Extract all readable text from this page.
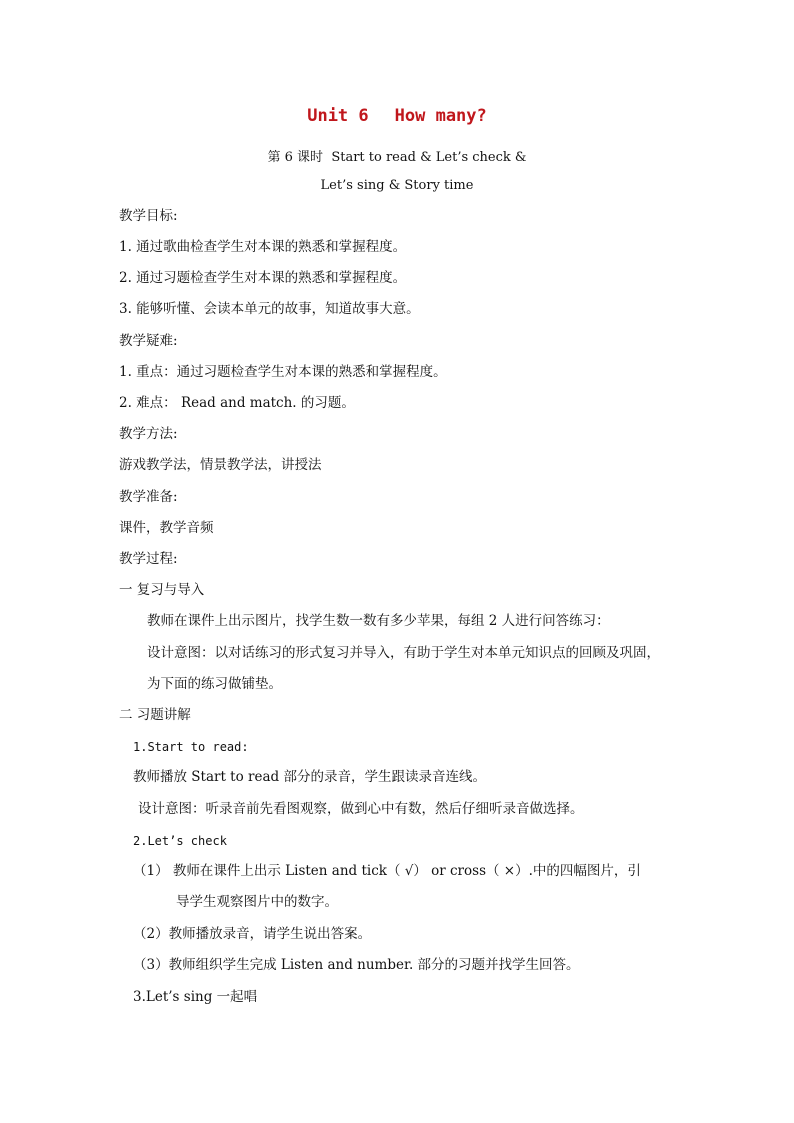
Unit 6 How many?
第 6 课时  Start to read & Let’s check &
Let’s sing & Story time
教学目标:
1. 通过歌曲检查学生对本课的熟悉和掌握程度。
2. 通过习题检查学生对本课的熟悉和掌握程度。
3. 能够听懂、会读本单元的故事，知道故事大意。
教学疑难:
1. 重点：通过习题检查学生对本课的熟悉和掌握程度。
2. 难点： Read and match. 的习题。
教学方法:
游戏教学法，情景教学法，讲授法
教学准备:
课件，教学音频
教学过程:
一 复习与导入
教师在课件上出示图片，找学生数一数有多少苹果，每组 2 人进行问答练习：
设计意图：以对话练习的形式复习并导入，有助于学生对本单元知识点的回顾及巩固，
为下面的练习做铺垫。
二 习题讲解
1.Start to read:
教师播放 Start to read 部分的录音，学生跟读录音连线。
设计意图：听录音前先看图观察，做到心中有数，然后仔细听录音做选择。
2.Let’s check
（1） 教师在课件上出示 Listen and tick（ √） or cross（ ×）.中的四幅图片，引
导学生观察图片中的数字。
（2）教师播放录音，请学生说出答案。
（3）教师组织学生完成 Listen and number. 部分的习题并找学生回答。
3.Let’s sing 一起唱
